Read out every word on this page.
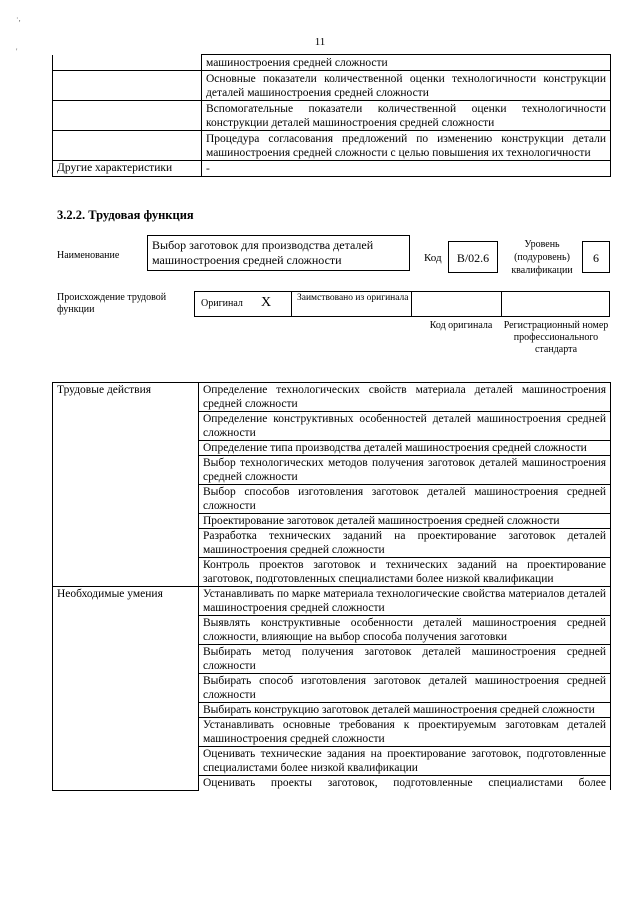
·,
'
11
	машиностроения средней сложности
	Основные показатели количественной оценки технологичности конструкции деталей машиностроения средней сложности
	Вспомогательные показатели количественной оценки технологичности конструкции деталей машиностроения средней сложности
	Процедура согласования предложений по изменению конструкции детали машиностроения средней сложности с целью повышения их технологичности
Другие характеристики	-
3.2.2. Трудовая функция
Наименование
Выбор заготовок для производства деталей машиностроения средней сложности	Код	B/02.6
Уровень (подуровень) квалификации
6
Происхождение трудовой функции
Оригинал X	Заимствовано из оригинала
Код оригинала	Регистрационный номер профессионального стандарта
Трудовые действия	Определение технологических свойств материала деталей машиностроения средней сложности
	Определение конструктивных особенностей деталей машиностроения средней сложности
	Определение типа производства деталей машиностроения средней сложности
	Выбор технологических методов получения заготовок деталей машиностроения средней сложности
	Выбор способов изготовления заготовок деталей машиностроения средней сложности
	Проектирование заготовок деталей машиностроения средней сложности
	Разработка технических заданий на проектирование заготовок деталей машиностроения средней сложности
	Контроль проектов заготовок и технических заданий на проектирование заготовок, подготовленных специалистами более низкой квалификации
Необходимые умения	Устанавливать по марке материала технологические свойства материалов деталей машиностроения средней сложности
	Выявлять конструктивные особенности деталей машиностроения средней сложности, влияющие на выбор способа получения заготовки
	Выбирать метод получения заготовок деталей машиностроения средней сложности
	Выбирать способ изготовления заготовок деталей машиностроения средней сложности
	Выбирать конструкцию заготовок деталей машиностроения средней сложности
	Устанавливать основные требования к проектируемым заготовкам деталей машиностроения средней сложности
	Оценивать технические задания на проектирование заготовок, подготовленные специалистами более низкой квалификации
	Оценивать проекты заготовок, подготовленные специалистами более
